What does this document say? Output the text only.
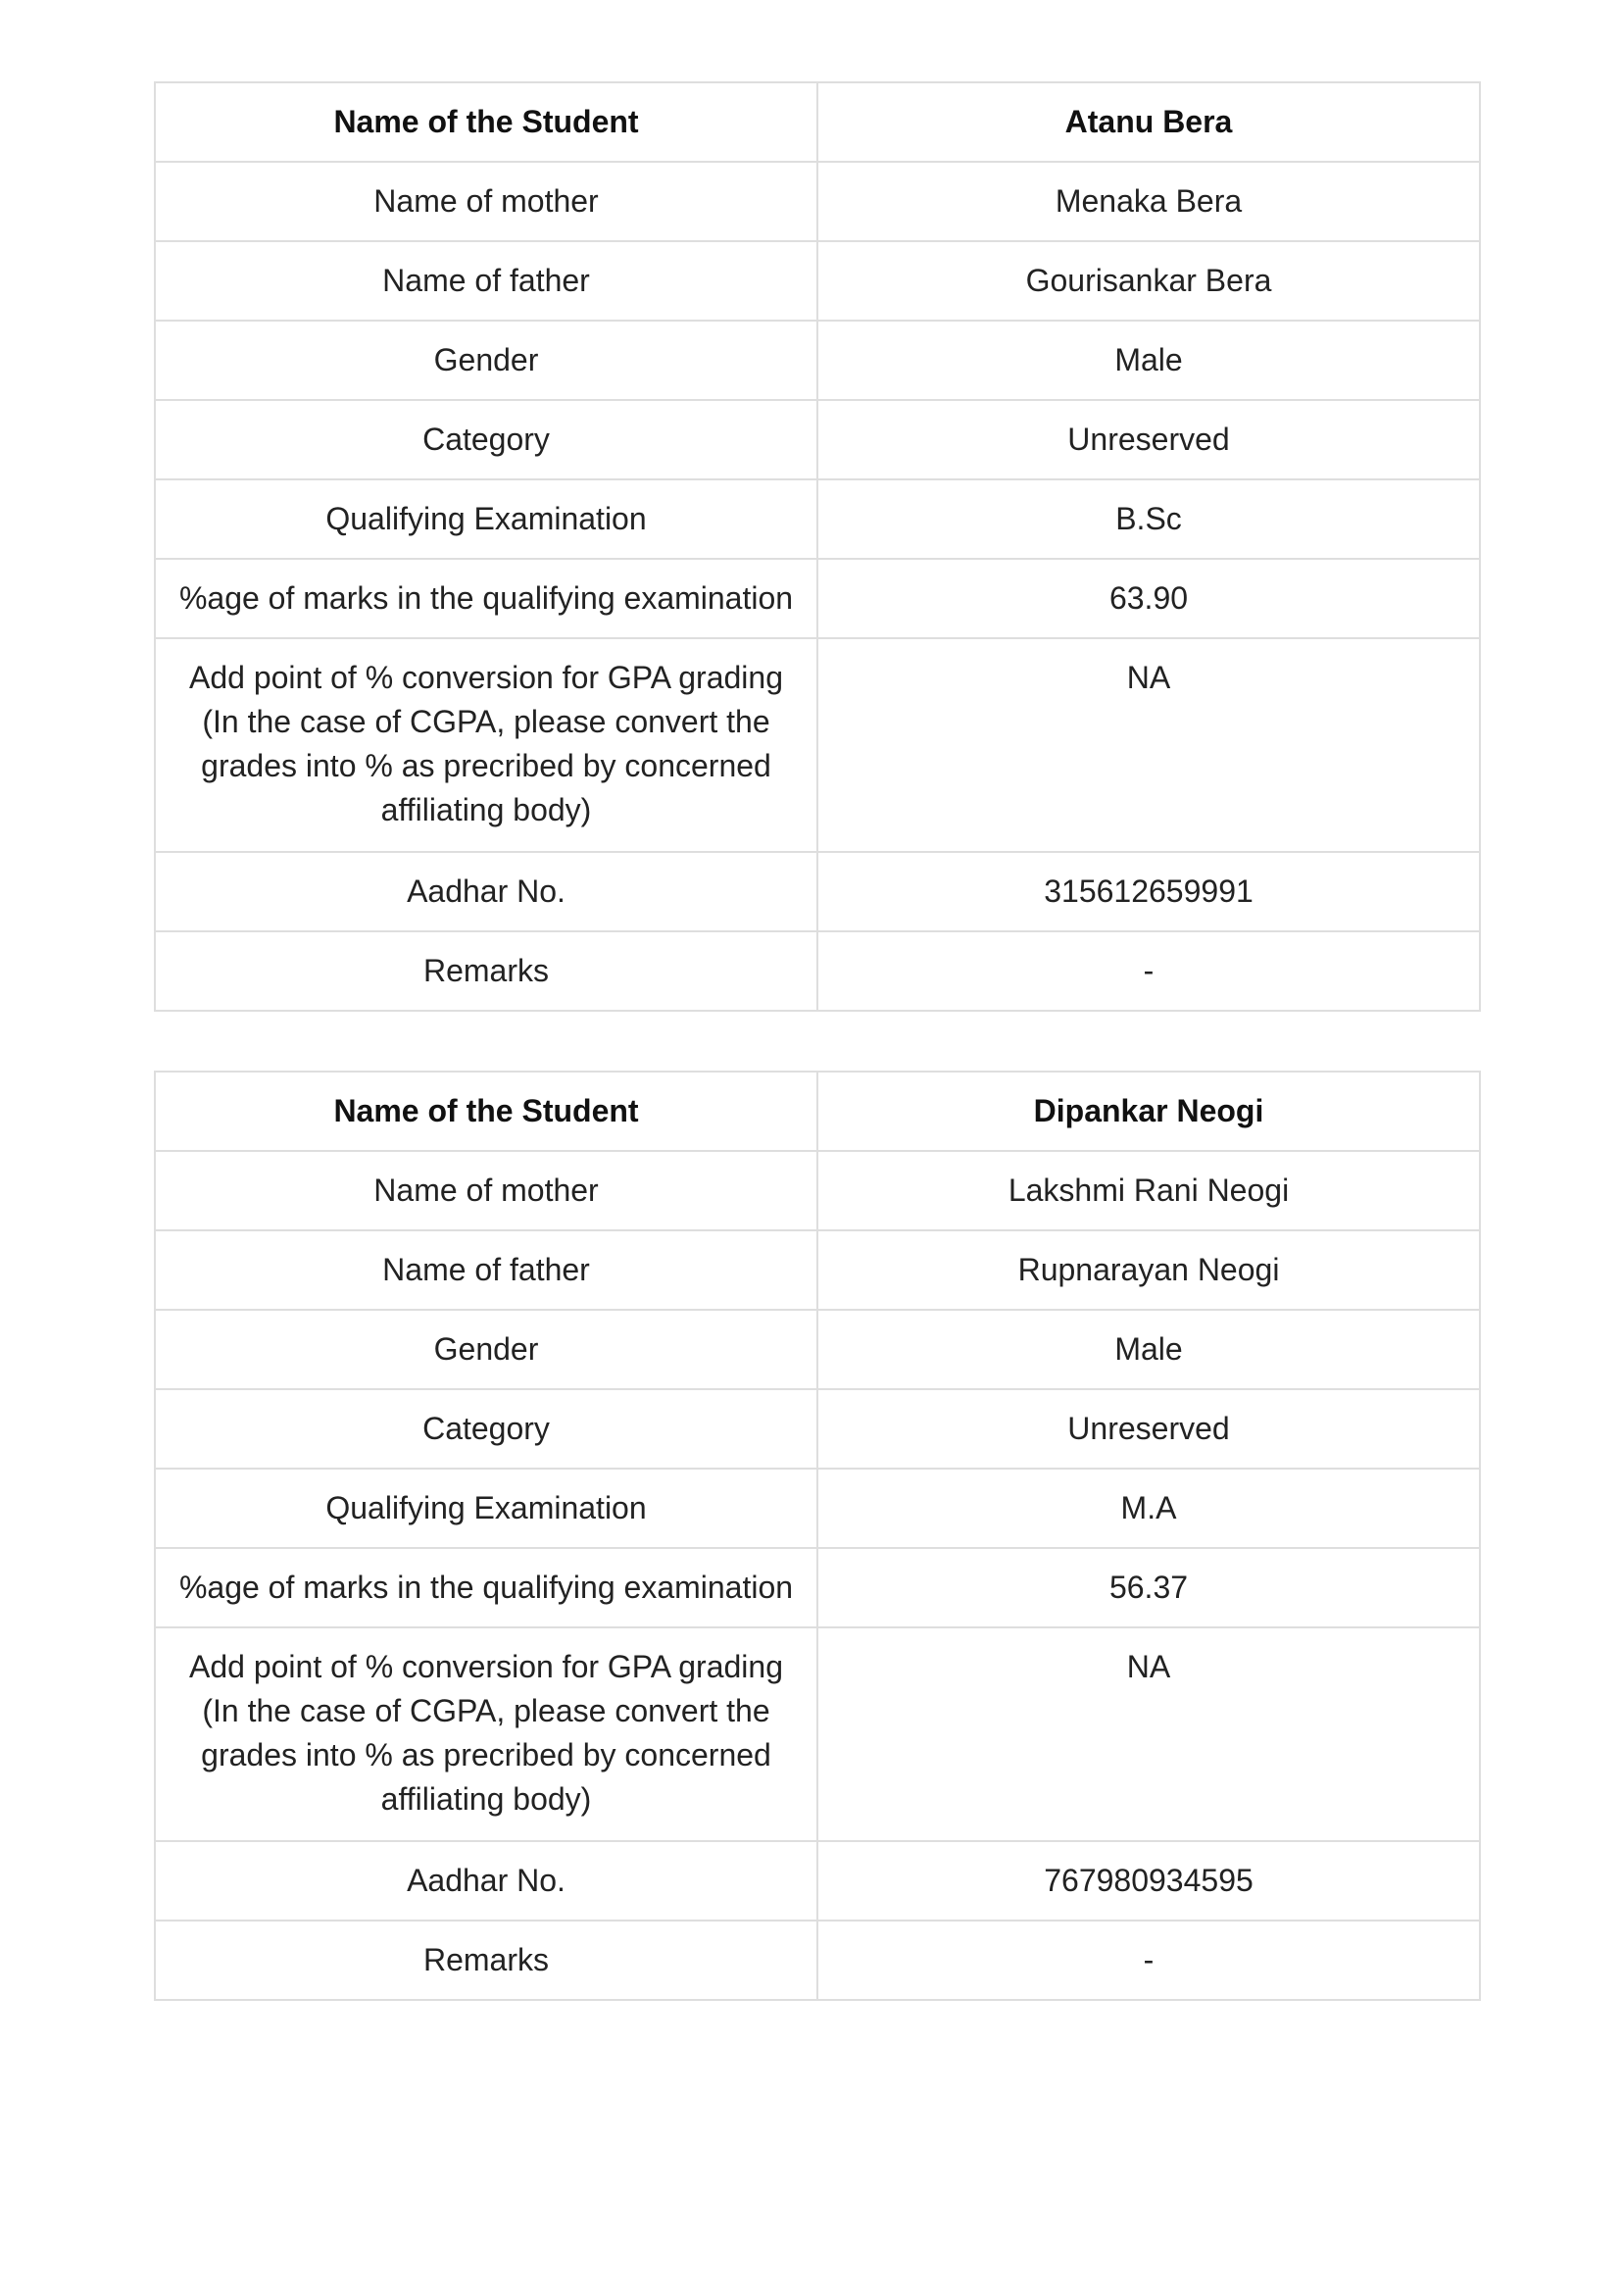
Name of the Student	Atanu Bera
Name of mother	Menaka Bera
Name of father	Gourisankar Bera
Gender	Male
Category	Unreserved
Qualifying Examination	B.Sc
%age of marks in the qualifying examination	63.90
Add point of % conversion for GPA grading (In the case of CGPA, please convert the grades into % as precribed by concerned affiliating body)	NA
Aadhar No.	315612659991
Remarks	-
Name of the Student	Dipankar Neogi
Name of mother	Lakshmi Rani Neogi
Name of father	Rupnarayan Neogi
Gender	Male
Category	Unreserved
Qualifying Examination	M.A
%age of marks in the qualifying examination	56.37
Add point of % conversion for GPA grading (In the case of CGPA, please convert the grades into % as precribed by concerned affiliating body)	NA
Aadhar No.	767980934595
Remarks	-
